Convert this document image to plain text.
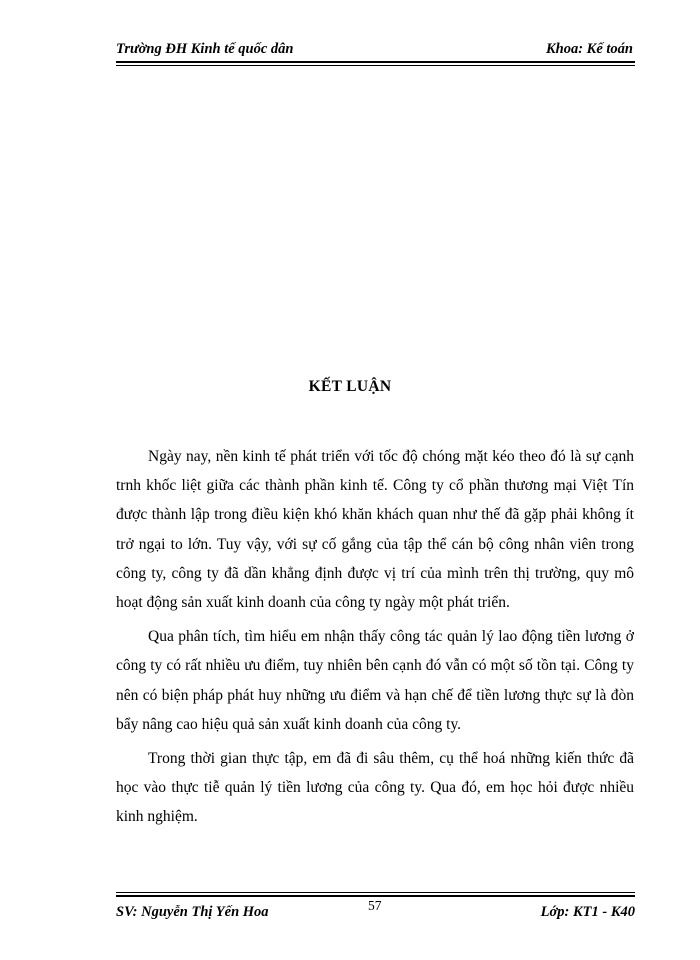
Trường ĐH Kinh tế quốc dân	Khoa: Kế toán
KẾT LUẬN

Ngày nay, nền kinh tế phát triển với tốc độ chóng mặt kéo theo đó là sự cạnh trnh khốc liệt giữa các thành phần kinh tế. Công ty cổ phần thương mại Việt Tín được thành lập trong điều kiện khó khăn khách quan như thế đã gặp phải không ít trở ngại to lớn. Tuy vậy, với sự cố gắng của tập thể cán bộ công nhân viên trong công ty, công ty đã dần khẳng định được vị trí của mình trên thị trường, quy mô hoạt động sản xuất kinh doanh của công ty ngày một phát triển.

Qua phân tích, tìm hiểu em nhận thấy công tác quản lý lao động tiền lương ở công ty có rất nhiều ưu điểm, tuy nhiên bên cạnh đó vẫn có một số tồn tại. Công ty nên có biện pháp phát huy những ưu điểm và hạn chế để tiền lương thực sự là đòn bẩy nâng cao hiệu quả sản xuất kinh doanh của công ty.

Trong thời gian thực tập, em đã đi sâu thêm, cụ thể hoá những kiến thức đã học vào thực tiễ quản lý tiền lương của công ty. Qua đó, em học hỏi được nhiều kinh nghiệm.

SV: Nguyễn Thị Yến Hoa	57	Lớp: KT1 - K40
